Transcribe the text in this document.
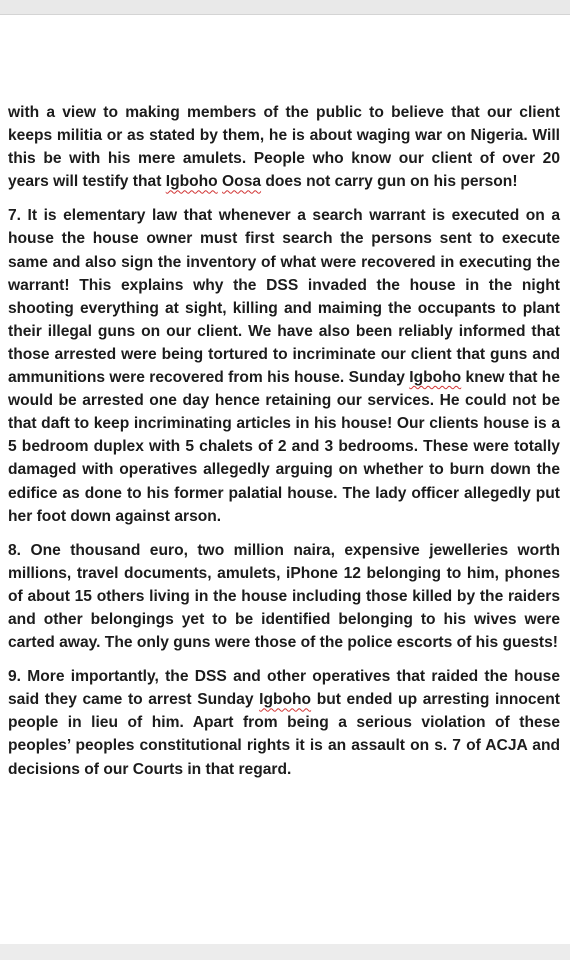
with a view to making members of the public to believe that our client keeps militia or as stated by them, he is about waging war on Nigeria. Will this be with his mere amulets. People who know our client of over 20 years will testify that Igboho Oosa does not carry gun on his person!

7. It is elementary law that whenever a search warrant is executed on a house the house owner must first search the persons sent to execute same and also sign the inventory of what were recovered in executing the warrant! This explains why the DSS invaded the house in the night shooting everything at sight, killing and maiming the occupants to plant their illegal guns on our client. We have also been reliably informed that those arrested were being tortured to incriminate our client that guns and ammunitions were recovered from his house. Sunday Igboho knew that he would be arrested one day hence retaining our services. He could not be that daft to keep incriminating articles in his house! Our clients house is a 5 bedroom duplex with 5 chalets of 2 and 3 bedrooms. These were totally damaged with operatives allegedly arguing on whether to burn down the edifice as done to his former palatial house. The lady officer allegedly put her foot down against arson.

8. One thousand euro, two million naira, expensive jewelleries worth millions, travel documents, amulets, iPhone 12 belonging to him, phones of about 15 others living in the house including those killed by the raiders and other belongings yet to be identified belonging to his wives were carted away. The only guns were those of the police escorts of his guests!

9. More importantly, the DSS and other operatives that raided the house said they came to arrest Sunday Igboho but ended up arresting innocent people in lieu of him. Apart from being a serious violation of these peoples’ peoples constitutional rights it is an assault on s. 7 of ACJA and decisions of our Courts in that regard.
